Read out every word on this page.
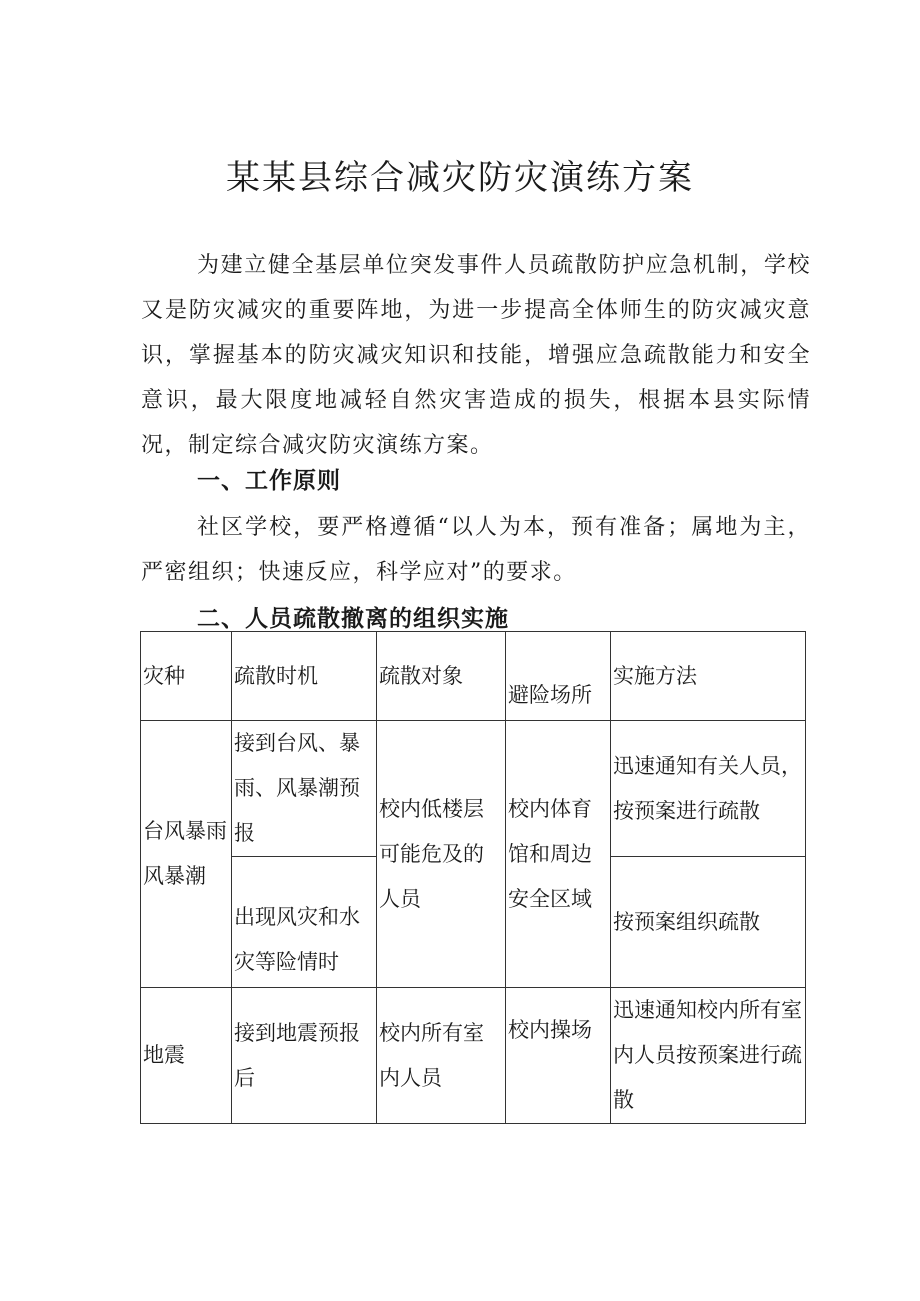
某某县综合减灾防灾演练方案

为建立健全基层单位突发事件人员疏散防护应急机制，学校又是防灾减灾的重要阵地，为进一步提高全体师生的防灾减灾意识，掌握基本的防灾减灾知识和技能，增强应急疏散能力和安全意识，最大限度地减轻自然灾害造成的损失，根据本县实际情况，制定综合减灾防灾演练方案。

一、工作原则

社区学校，要严格遵循“以人为本，预有准备；属地为主，严密组织；快速反应，科学应对”的要求。

二、人员疏散撤离的组织实施
灾种	疏散时机	疏散对象	避险场所	实施方法
台风暴雨风暴潮	接到台风、暴雨、风暴潮预报	校内低楼层可能危及的人员	校内体育馆和周边安全区域	迅速通知有关人员，按预案进行疏散
	出现风灾和水灾等险情时			按预案组织疏散
地震	接到地震预报后	校内所有室内人员	校内操场	迅速通知校内所有室内人员按预案进行疏散
